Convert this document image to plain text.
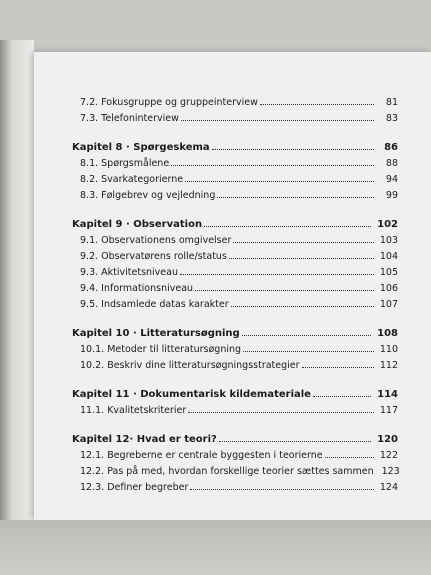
7.2. Fokusgruppe og gruppeinterview	81
7.3. Telefoninterview	83
Kapitel 8 · Spørgeskema	86
8.1. Spørgsmålene	88
8.2. Svarkategorierne	94
8.3. Følgebrev og vejledning	99
Kapitel 9 · Observation	102
9.1. Observationens omgivelser	103
9.2. Observatørens rolle/status	104
9.3. Aktivitetsniveau	105
9.4. Informationsniveau	106
9.5. Indsamlede datas karakter	107
Kapitel 10 · Litteratursøgning	108
10.1. Metoder til litteratursøgning	110
10.2. Beskriv dine litteratursøgningsstrategier	112
Kapitel 11 · Dokumentarisk kildemateriale	114
11.1. Kvalitetskriterier	117
Kapitel 12· Hvad er teori?	120
12.1. Begreberne er centrale byggesten i teorierne	122
12.2. Pas på med, hvordan forskellige teorier sættes sammen 123
12.3. Definer begreber	124
